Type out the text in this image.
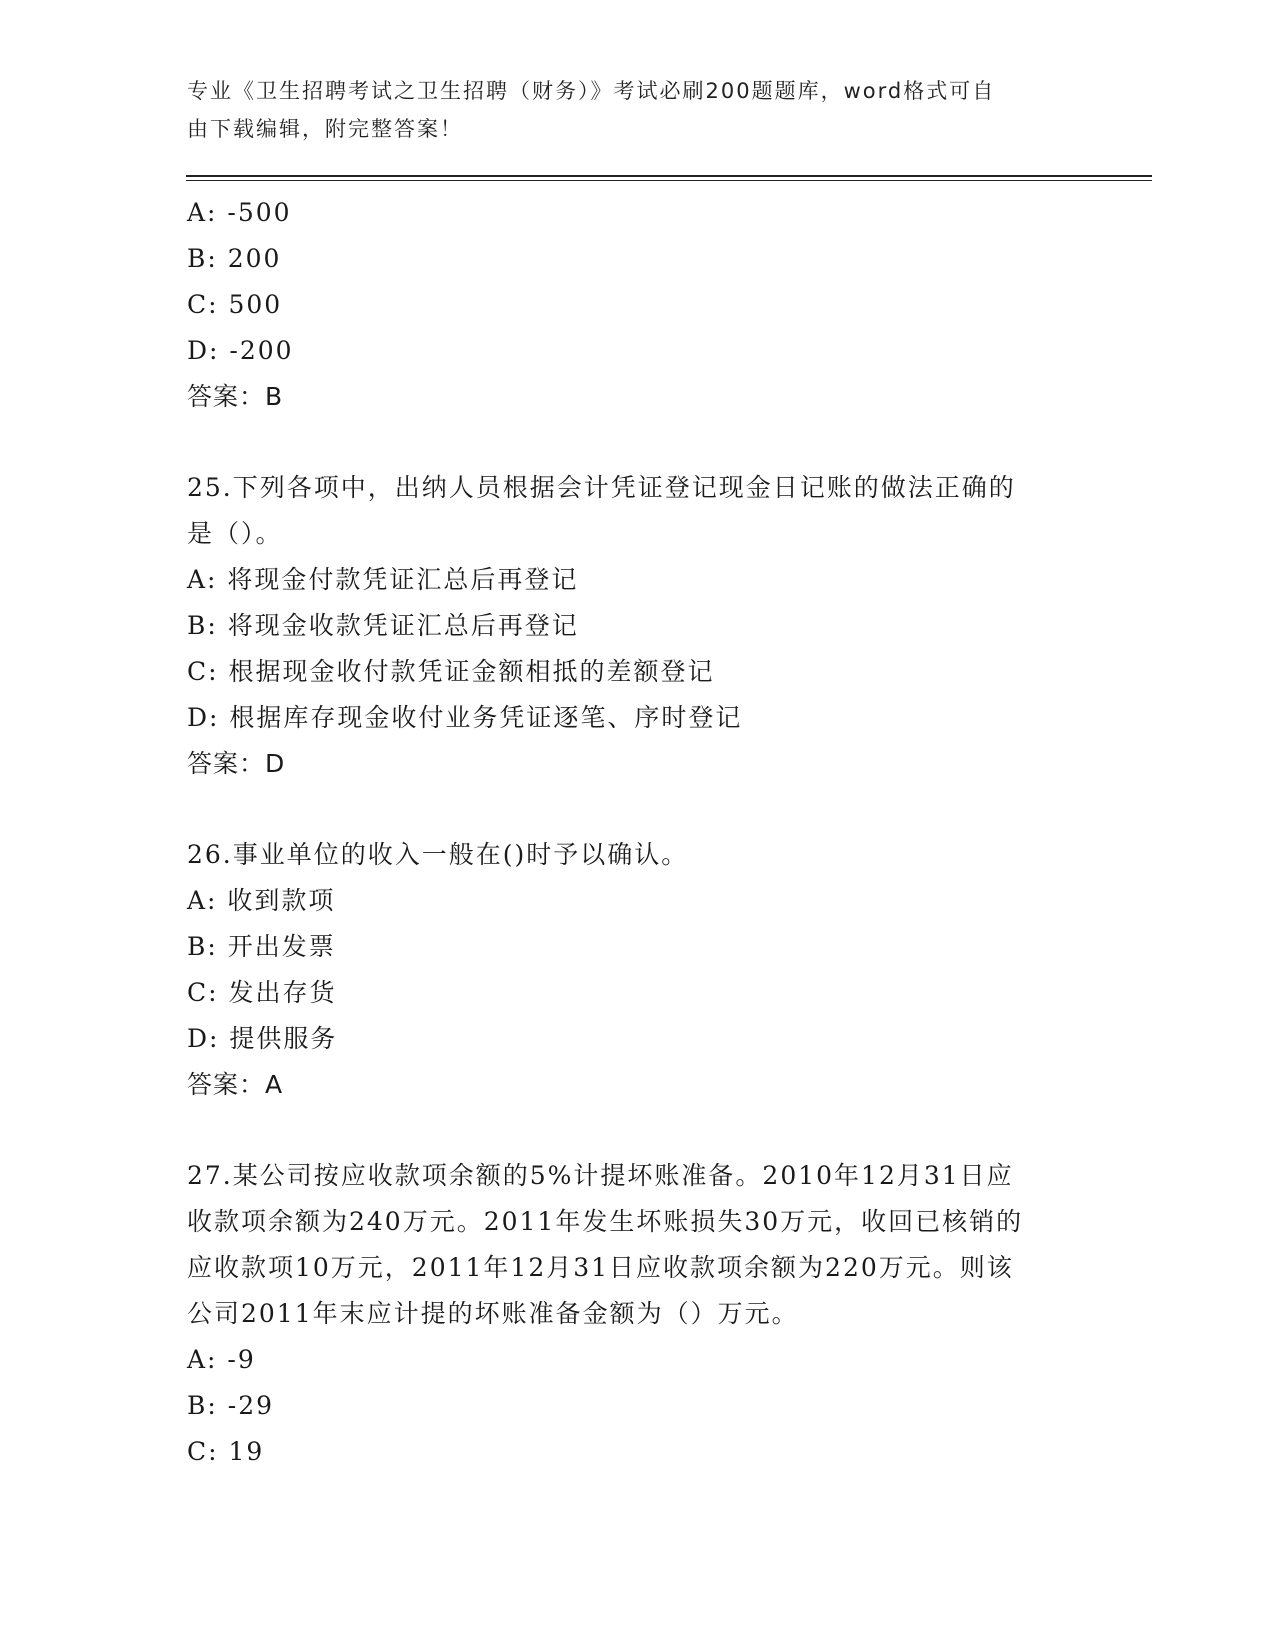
专业《卫生招聘考试之卫生招聘（财务）》考试必刷200题题库，word格式可自
由下载编辑，附完整答案！
A: -500
B: 200
C: 500
D: -200
答案：B
25.下列各项中，出纳人员根据会计凭证登记现金日记账的做法正确的
是（）。
A: 将现金付款凭证汇总后再登记
B: 将现金收款凭证汇总后再登记
C: 根据现金收付款凭证金额相抵的差额登记
D: 根据库存现金收付业务凭证逐笔、序时登记
答案：D
26.事业单位的收入一般在()时予以确认。
A: 收到款项
B: 开出发票
C: 发出存货
D: 提供服务
答案：A
27.某公司按应收款项余额的5%计提坏账准备。2010年12月31日应
收款项余额为240万元。2011年发生坏账损失30万元，收回已核销的
应收款项10万元，2011年12月31日应收款项余额为220万元。则该
公司2011年末应计提的坏账准备金额为（）万元。
A: -9
B: -29
C: 19
